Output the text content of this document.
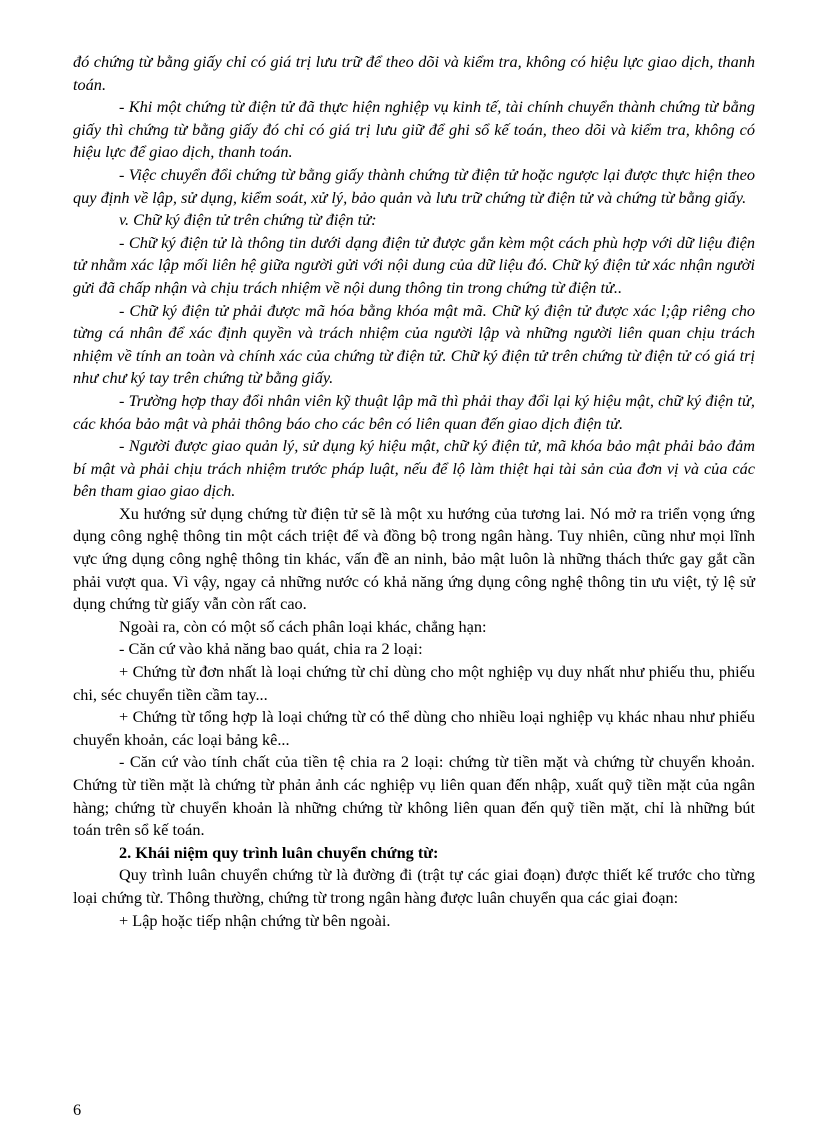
đó chứng từ bằng giấy chỉ có giá trị lưu trữ để theo dõi và kiểm tra, không có hiệu lực giao dịch, thanh toán.

- Khi một chứng từ điện tử đã thực hiện nghiệp vụ kinh tế, tài chính chuyển thành chứng từ bằng giấy thì chứng từ bằng giấy đó chỉ có giá trị lưu giữ để ghi sổ kế toán, theo dõi và kiểm tra, không có hiệu lực để giao dịch, thanh toán.

- Việc chuyển đổi chứng từ bằng giấy thành chứng từ điện tử hoặc ngược lại được thực hiện theo quy định về lập, sử dụng, kiểm soát, xử lý, bảo quản và lưu trữ chứng từ điện tử và chứng từ bằng giấy.

v. Chữ ký điện tử trên chứng từ điện tử:

- Chữ ký điện tử là thông tin dưới dạng điện tử được gắn kèm một cách phù hợp với dữ liệu điện tử nhằm xác lập mối liên hệ giữa người gửi với nội dung của dữ liệu đó. Chữ ký điện tử xác nhận người gửi đã chấp nhận và chịu trách nhiệm về nội dung thông tin trong chứng từ điện tử..

- Chữ ký điện tử phải được mã hóa bằng khóa mật mã. Chữ ký điện tử được xác l;ập riêng cho từng cá nhân để xác định quyền và trách nhiệm của người lập và những người liên quan chịu trách nhiệm về tính an toàn và chính xác của chứng từ điện tử. Chữ ký điện tử trên chứng từ điện tử có giá trị như chư ký tay trên chứng từ bằng giấy.

- Trường hợp thay đổi nhân viên kỹ thuật lập mã thì phải thay đổi lại ký hiệu mật, chữ ký điện tử, các khóa bảo mật và phải thông báo cho các bên có liên quan đến giao dịch điện tử.

- Người được giao quản lý, sử dụng ký hiệu mật, chữ ký điện tử, mã khóa bảo mật phải bảo đảm bí mật và phải chịu trách nhiệm trước pháp luật, nếu để lộ làm thiệt hại tài sản của đơn vị và của các bên tham giao giao dịch.

Xu hướng sử dụng chứng từ điện tử sẽ là một xu hướng của tương lai. Nó mở ra triển vọng ứng dụng công nghệ thông tin một cách triệt để và đồng bộ trong ngân hàng. Tuy nhiên, cũng như mọi lĩnh vực ứng dụng công nghệ thông tin khác, vấn đề an ninh, bảo mật luôn là những thách thức gay gắt cần phải vượt qua. Vì vậy, ngay cả những nước có khả năng ứng dụng công nghệ thông tin ưu việt, tỷ lệ sử dụng chứng từ giấy vẫn còn rất cao.

Ngoài ra, còn có một số cách phân loại khác, chẳng hạn:

- Căn cứ vào khả năng bao quát, chia ra 2 loại:

+ Chứng từ đơn nhất là loại chứng từ chỉ dùng cho một nghiệp vụ duy nhất như phiếu thu, phiếu chi, séc chuyển tiền cầm tay...

+ Chứng từ tổng hợp là loại chứng từ có thể dùng cho nhiều loại nghiệp vụ khác nhau như phiếu chuyển khoản, các loại bảng kê...

- Căn cứ vào tính chất của tiền tệ chia ra 2 loại: chứng từ tiền mặt và chứng từ chuyển khoản. Chứng từ tiền mặt là chứng từ phản ảnh các nghiệp vụ liên quan đến nhập, xuất quỹ tiền mặt của ngân hàng; chứng từ chuyển khoản là những chứng từ không liên quan đến quỹ tiền mặt, chỉ là những bút toán trên sổ kế toán.

2. Khái niệm quy trình luân chuyển chứng từ:

Quy trình luân chuyển chứng từ là đường đi (trật tự các giai đoạn) được thiết kế trước cho từng loại chứng từ. Thông thường, chứng từ trong ngân hàng được luân chuyển qua các giai đoạn:

+ Lập hoặc tiếp nhận chứng từ bên ngoài.

6
